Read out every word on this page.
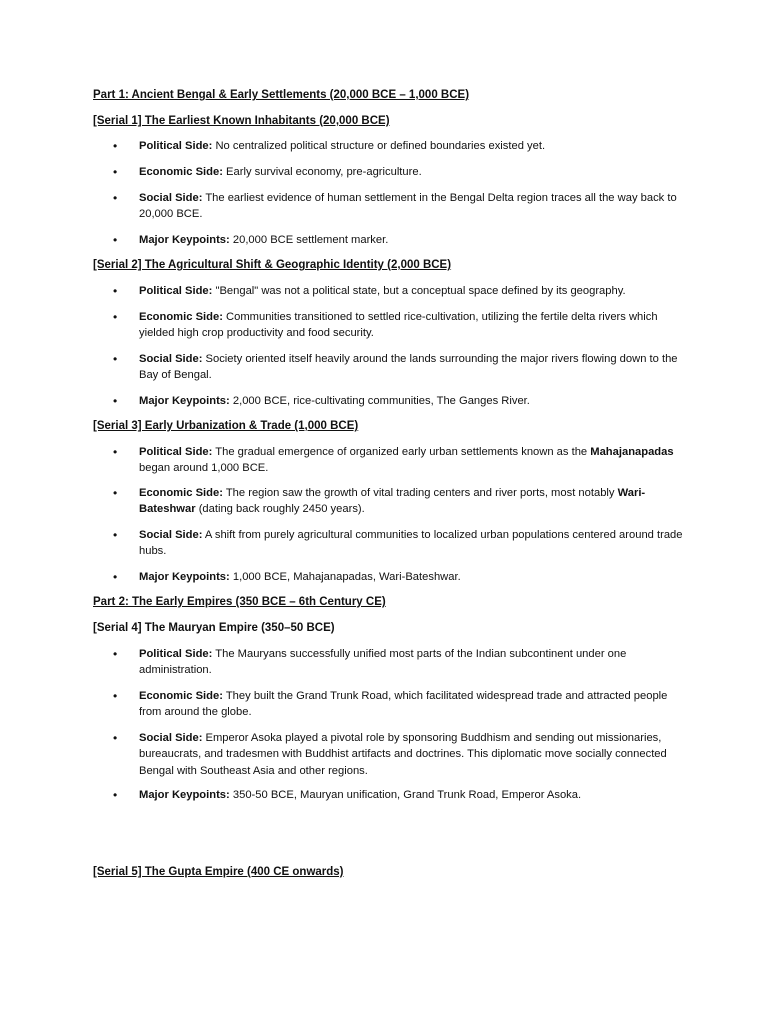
Part 1: Ancient Bengal & Early Settlements (20,000 BCE – 1,000 BCE)
[Serial 1] The Earliest Known Inhabitants (20,000 BCE)
• Political Side: No centralized political structure or defined boundaries existed yet.
• Economic Side: Early survival economy, pre-agriculture.
• Social Side: The earliest evidence of human settlement in the Bengal Delta region traces all the way back to 20,000 BCE.
• Major Keypoints: 20,000 BCE settlement marker.
[Serial 2] The Agricultural Shift & Geographic Identity (2,000 BCE)
• Political Side: "Bengal" was not a political state, but a conceptual space defined by its geography.
• Economic Side: Communities transitioned to settled rice-cultivation, utilizing the fertile delta rivers which yielded high crop productivity and food security.
• Social Side: Society oriented itself heavily around the lands surrounding the major rivers flowing down to the Bay of Bengal.
• Major Keypoints: 2,000 BCE, rice-cultivating communities, The Ganges River.
[Serial 3] Early Urbanization & Trade (1,000 BCE)
• Political Side: The gradual emergence of organized early urban settlements known as the Mahajanapadas began around 1,000 BCE.
• Economic Side: The region saw the growth of vital trading centers and river ports, most notably Wari-Bateshwar (dating back roughly 2450 years).
• Social Side: A shift from purely agricultural communities to localized urban populations centered around trade hubs.
• Major Keypoints: 1,000 BCE, Mahajanapadas, Wari-Bateshwar.
Part 2: The Early Empires (350 BCE – 6th Century CE)
[Serial 4] The Mauryan Empire (350–50 BCE)
• Political Side: The Mauryans successfully unified most parts of the Indian subcontinent under one administration.
• Economic Side: They built the Grand Trunk Road, which facilitated widespread trade and attracted people from around the globe.
• Social Side: Emperor Asoka played a pivotal role by sponsoring Buddhism and sending out missionaries, bureaucrats, and tradesmen with Buddhist artifacts and doctrines. This diplomatic move socially connected Bengal with Southeast Asia and other regions.
• Major Keypoints: 350-50 BCE, Mauryan unification, Grand Trunk Road, Emperor Asoka.
[Serial 5] The Gupta Empire (400 CE onwards)
